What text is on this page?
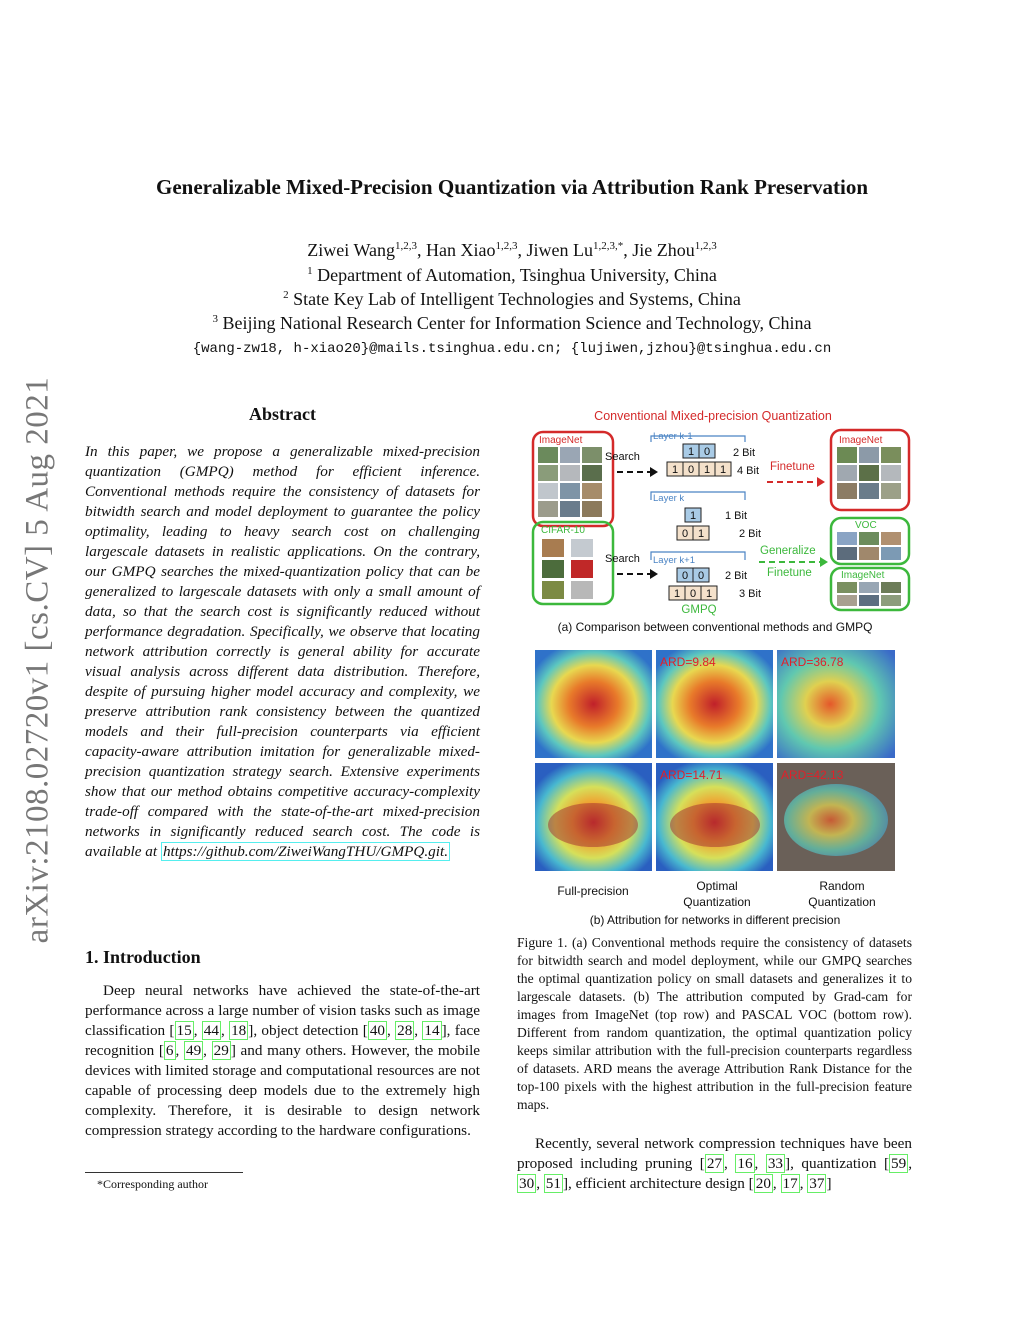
arXiv:2108.02720v1 [cs.CV] 5 Aug 2021
Generalizable Mixed-Precision Quantization via Attribution Rank Preservation
Ziwei Wang$^{1,2,3}$, Han Xiao$^{1,2,3}$, Jiwen $Lu^{1,2,3,*}$, Jie Zhou$^{1,2,3}$
$^1$ Department of Automation, Tsinghua University, China
$^2$ State Key Lab of Intelligent Technologies and Systems, China
$^3$ Beijing National Research Center for Information Science and Technology, China
{wang-zw18, h-xiao20}@mails.tsinghua.edu.cn; {lujiwen,jzhou}@tsinghua.edu.cn
Abstract
In this paper, we propose a generalizable mixed-precision quantization (GMPQ) method for efficient inference. Conventional methods require the consistency of datasets for bitwidth search and model deployment to guarantee the policy optimality, leading to heavy search cost on challenging largescale datasets in realistic applications. On the contrary, our GMPQ searches the mixed-quantization policy that can be generalized to largescale datasets with only a small amount of data, so that the search cost is significantly reduced without performance degradation. Specifically, we observe that locating network attribution correctly is general ability for accurate visual analysis across different data distribution. Therefore, despite of pursuing higher model accuracy and complexity, we preserve attribution rank consistency between the quantized models and their full-precision counterparts via efficient capacity-aware attribution imitation for generalizable mixed-precision quantization strategy search. Extensive experiments show that our method obtains competitive accuracy-complexity trade-off compared with the state-of-the-art mixed-precision networks in significantly reduced search cost. The code is available at https://github.com/ZiweiWangTHU/GMPQ.git.
1. Introduction
Deep neural networks have achieved the state-of-the-art performance across a large number of vision tasks such as image classification [ 15 , 44 , 18 ], object detection [ 40 , 28 , 14 ], face recognition [ 6 , 49 , 29 ] and many others. However, the mobile devices with limited storage and computational resources are not capable of processing deep models due to the extremely high complexity. Therefore, it is desirable to design network compression strategy according to the hardware configurations.
*Corresponding author
Conventional Mixed-precision Quantization
ImageNet
CIFAR-10
Search
Search
Layer k-1
Layer k
Layer k+1
1 0 2 Bit
1 0 1 1 4 Bit
1	1 Bit
0 1	2 Bit
0 0 2 Bit
1 0 1 3 Bit
Finetune
Generalize
Finetune
ImageNet
VOC
ImageNet
GMPQ
(a) Comparison between conventional methods and GMPQ
ARD=9.84	ARD=36.78
ARD=14.71	ARD=42.13
Full-precision	Optimal
Quantization
Random
Quantization
(b) Attribution for networks in different precision
Figure 1. (a) Conventional methods require the consistency of datasets for bitwidth search and model deployment, while our GMPQ searches the optimal quantization policy on small datasets and generalizes it to largescale datasets. (b) The attribution computed by Grad-cam for images from ImageNet (top row) and PASCAL VOC (bottom row). Different from random quantization, the optimal quantization policy keeps similar attribution with the full-precision counterparts regardless of datasets. ARD means the average Attribution Rank Distance for the top-100 pixels with the highest attribution in the full-precision feature maps.
Recently, several network compression techniques have been proposed including pruning [ 27 , 16 , 33 ], quantization [ 59 , 30 , 51 ], efficient architecture design [ 20 , 17 , 37 ]
